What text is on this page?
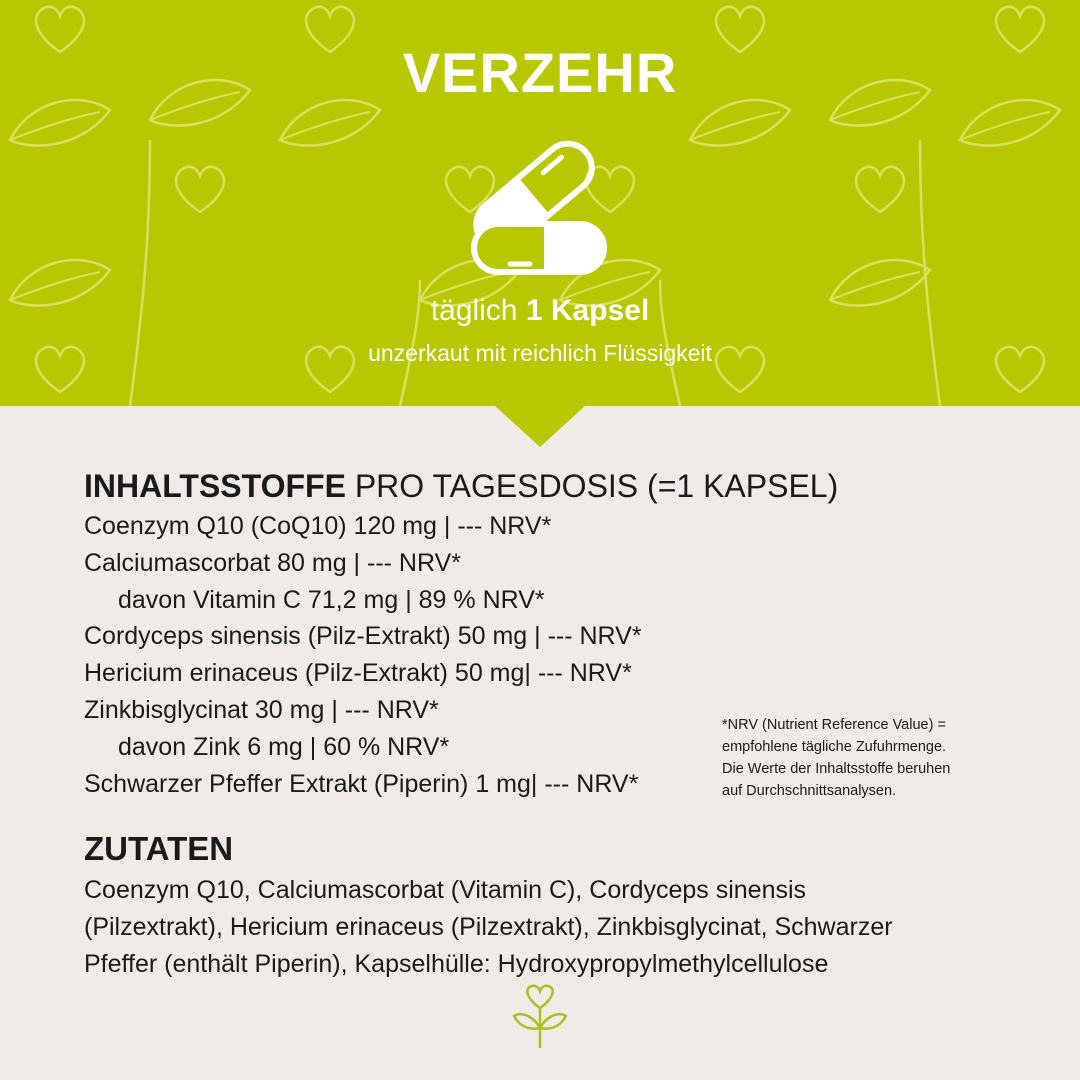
VERZEHR
täglich 1 Kapsel
unzerkaut mit reichlich Flüssigkeit
INHALTSSTOFFE PRO TAGESDOSIS (=1 KAPSEL)
Coenzym Q10 (CoQ10) 120 mg | --- NRV*
Calciumascorbat 80 mg | --- NRV*
davon Vitamin C 71,2 mg | 89 % NRV*
Cordyceps sinensis (Pilz-Extrakt) 50 mg | --- NRV*
Hericium erinaceus (Pilz-Extrakt) 50 mg| --- NRV*
Zinkbisglycinat 30 mg | --- NRV*
davon Zink 6 mg | 60 % NRV*
Schwarzer Pfeffer Extrakt (Piperin) 1 mg| --- NRV*
*NRV (Nutrient Reference Value) =
empfohlene tägliche Zufuhrmenge.
Die Werte der Inhaltsstoffe beruhen
auf Durchschnittsanalysen.
ZUTATEN
Coenzym Q10, Calciumascorbat (Vitamin C), Cordyceps sinensis
(Pilzextrakt), Hericium erinaceus (Pilzextrakt), Zinkbisglycinat, Schwarzer
Pfeffer (enthält Piperin), Kapselhülle: Hydroxypropylmethylcellulose
